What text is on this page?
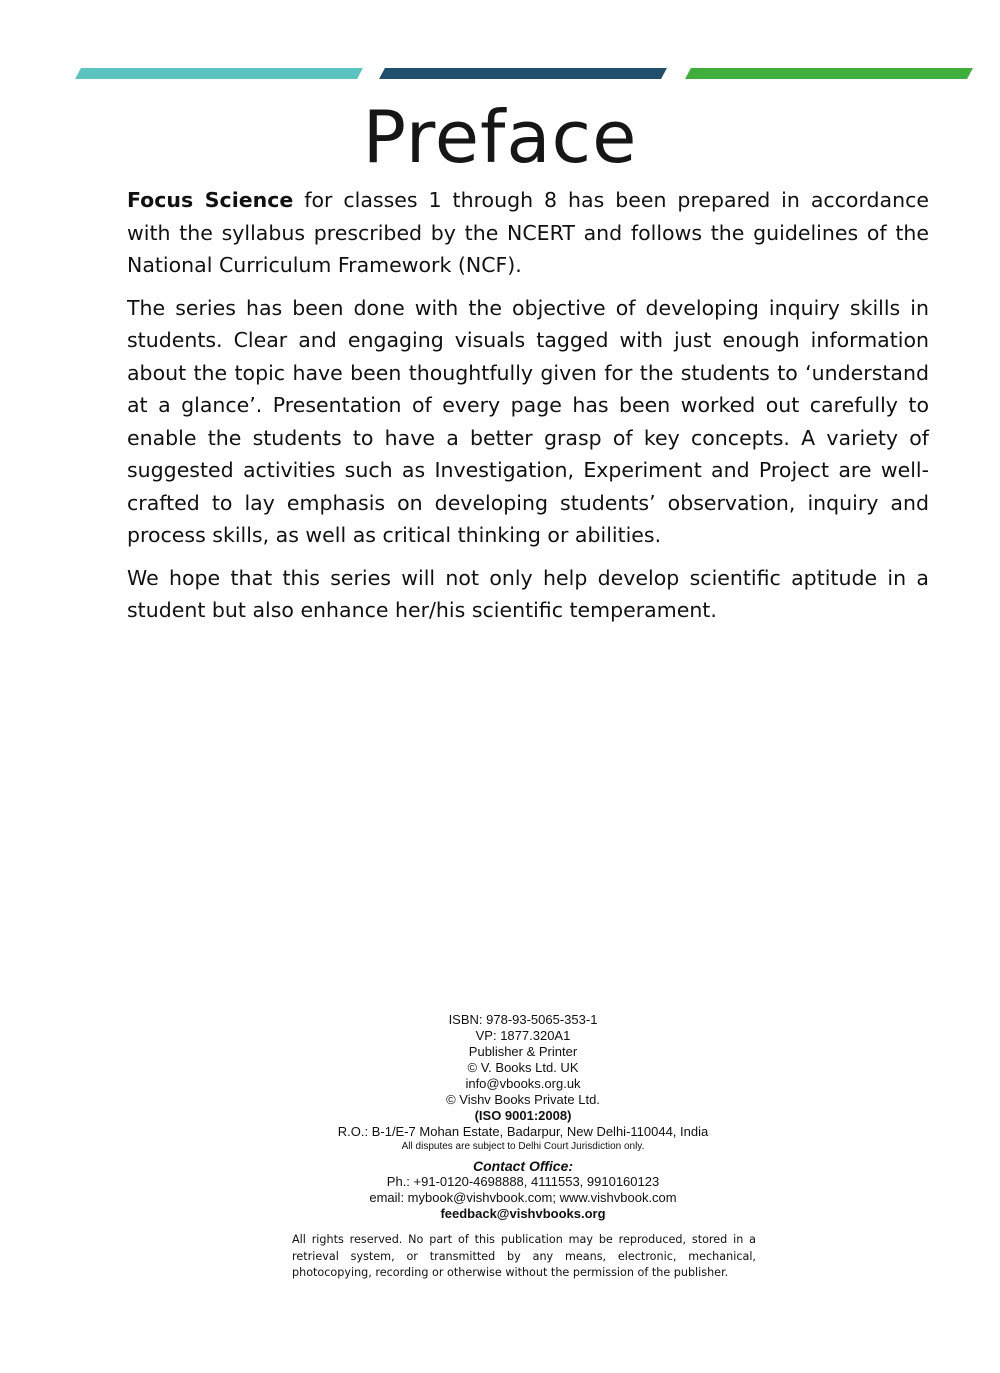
Preface

Focus Science for classes 1 through 8 has been prepared in accordance with the syllabus prescribed by the NCERT and follows the guidelines of the National Curriculum Framework (NCF).

The series has been done with the objective of developing inquiry skills in students. Clear and engaging visuals tagged with just enough information about the topic have been thoughtfully given for the students to ‘understand at a glance’. Presentation of every page has been worked out carefully to enable the students to have a better grasp of key concepts. A variety of suggested activities such as Investigation, Experiment and Project are well-crafted to lay emphasis on developing students’ observation, inquiry and process skills, as well as critical thinking or abilities.

We hope that this series will not only help develop scientific aptitude in a student but also enhance her/his scientific temperament.

ISBN: 978-93-5065-353-1
VP: 1877.320A1
Publisher & Printer
© V. Books Ltd. UK
info@vbooks.org.uk
© Vishv Books Private Ltd.
(ISO 9001:2008)
R.O.: B-1/E-7 Mohan Estate, Badarpur, New Delhi-110044, India
All disputes are subject to Delhi Court Jurisdiction only.
Contact Office:
Ph.: +91-0120-4698888, 4111553, 9910160123
email: mybook@vishvbook.com; www.vishvbook.com
feedback@vishvbooks.org
All rights reserved. No part of this publication may be reproduced, stored in a retrieval system, or transmitted by any means, electronic, mechanical, photocopying, recording or otherwise without the permission of the publisher.
